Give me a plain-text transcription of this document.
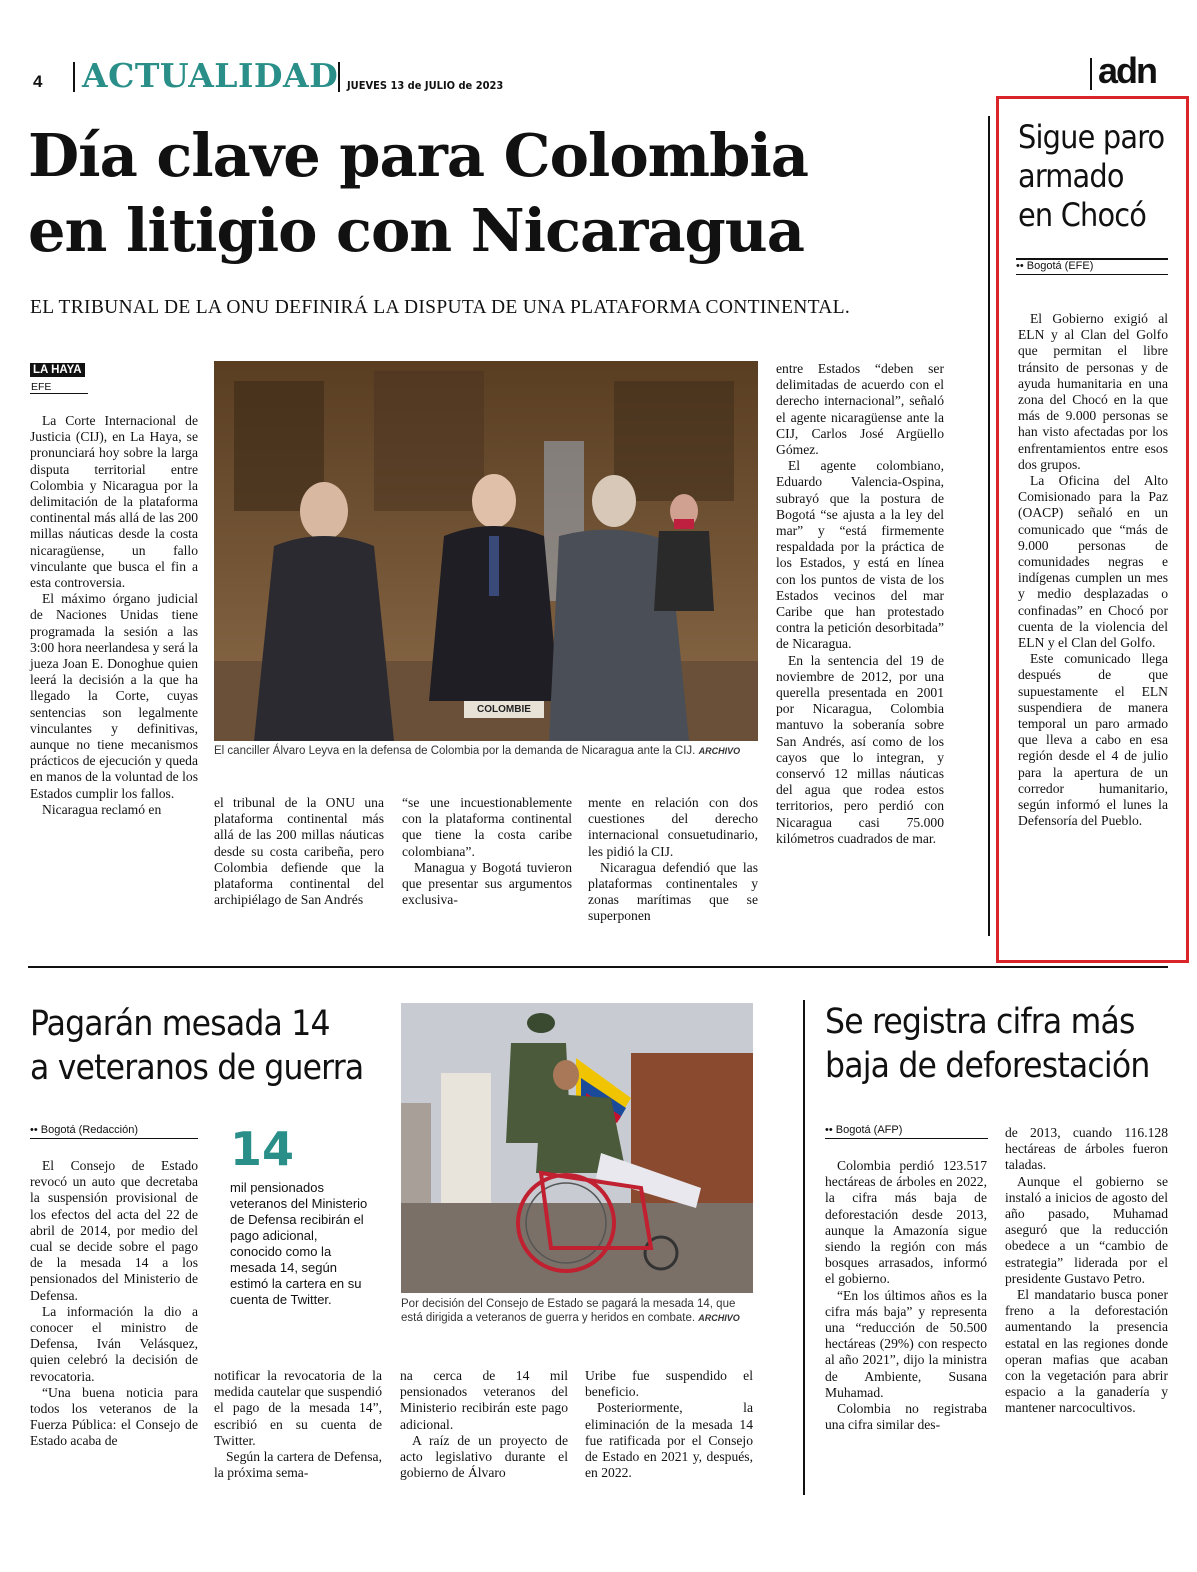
4 ACTUALIDAD JUEVES 13 de JULIO de 2023	adn
Día clave para Colombia
en litigio con Nicaragua
EL TRIBUNAL DE LA ONU DEFINIRÁ LA DISPUTA DE UNA PLATAFORMA CONTINENTAL.
LA HAYA
EFE

La Corte Internacional de Justicia (CIJ), en La Haya, se pronunciará hoy sobre la larga disputa territorial entre Colombia y Nicaragua por la delimitación de la plataforma continental más allá de las 200 millas náuticas desde la costa nicaragüense, un fallo vinculante que busca el fin a esta controversia.

El máximo órgano judicial de Naciones Unidas tiene programada la sesión a las 3:00 hora neerlandesa y será la jueza Joan E. Donoghue quien leerá la decisión a la que ha llegado la Corte, cuyas sentencias son legalmente vinculantes y definitivas, aunque no tiene mecanismos prácticos de ejecución y queda en manos de la voluntad de los Estados cumplir los fallos.

Nicaragua reclamó en

COLOMBIE
El canciller Álvaro Leyva en la defensa de Colombia por la demanda de Nicaragua ante la CIJ. ARCHIVO

el tribunal de la ONU una plataforma continental más allá de las 200 millas náuticas desde su costa caribeña, pero Colombia defiende que la plataforma continental del archipiélago de San Andrés

“se une incuestionablemente con la plataforma continental que tiene la costa caribe colombiana”.

Managua y Bogotá tuvieron que presentar sus argumentos exclusiva-

mente en relación con dos cuestiones del derecho internacional consuetudinario, les pidió la CIJ.

Nicaragua defendió que las plataformas continentales y zonas marítimas que se superponen

entre Estados “deben ser delimitadas de acuerdo con el derecho internacional”, señaló el agente nicaragüense ante la CIJ, Carlos José Argüello Gómez.

El agente colombiano, Eduardo Valencia-Ospina, subrayó que la postura de Bogotá “se ajusta a la ley del mar” y “está firmemente respaldada por la práctica de los Estados, y está en línea con los puntos de vista de los Estados vecinos del mar Caribe que han protestado contra la petición desorbitada” de Nicaragua.

En la sentencia del 19 de noviembre de 2012, por una querella presentada en 2001 por Nicaragua, Colombia mantuvo la soberanía sobre San Andrés, así como de los cayos que lo integran, y conservó 12 millas náuticas del agua que rodea estos territorios, pero perdió con Nicaragua casi 75.000 kilómetros cuadrados de mar.

Sigue paro
armado
en Chocó
•• Bogotá (EFE)

El Gobierno exigió al ELN y al Clan del Golfo que permitan el libre tránsito de personas y de ayuda humanitaria en una zona del Chocó en la que más de 9.000 personas se han visto afectadas por los enfrentamientos entre esos dos grupos.

La Oficina del Alto Comisionado para la Paz (OACP) señaló en un comunicado que “más de 9.000 personas de comunidades negras e indígenas cumplen un mes y medio desplazadas o confinadas” en Chocó por cuenta de la violencia del ELN y el Clan del Golfo.

Este comunicado llega después de que supuestamente el ELN suspendiera de manera temporal un paro armado que lleva a cabo en esa región desde el 4 de julio para la apertura de un corredor humanitario, según informó el lunes la Defensoría del Pueblo.

Pagarán mesada 14
a veteranos de guerra
•• Bogotá (Redacción)

El Consejo de Estado revocó un auto que decretaba la suspensión provisional de los efectos del acta del 22 de abril de 2014, por medio del cual se decide sobre el pago de la mesada 14 a los pensionados del Ministerio de Defensa.

La información la dio a conocer el ministro de Defensa, Iván Velásquez, quien celebró la decisión de revocatoria.

“Una buena noticia para todos los veteranos de la Fuerza Pública: el Consejo de Estado acaba de

14
mil pensionados veteranos del Ministerio de Defensa recibirán el pago adicional, conocido como la mesada 14, según estimó la cartera en su cuenta de Twitter.	Por decisión del Consejo de Estado se pagará la mesada 14, que está dirigida a veteranos de guerra y heridos en combate. ARCHIVO

notificar la revocatoria de la medida cautelar que suspendió el pago de la mesada 14”, escribió en su cuenta de Twitter.

Según la cartera de Defensa, la próxima sema-

na cerca de 14 mil pensionados veteranos del Ministerio recibirán este pago adicional.

A raíz de un proyecto de acto legislativo durante el gobierno de Álvaro

Uribe fue suspendido el beneficio.

Posteriormente, la eliminación de la mesada 14 fue ratificada por el Consejo de Estado en 2021 y, después, en 2022.

Se registra cifra más
baja de deforestación
•• Bogotá (AFP)

Colombia perdió 123.517 hectáreas de árboles en 2022, la cifra más baja de deforestación desde 2013, aunque la Amazonía sigue siendo la región con más bosques arrasados, informó el gobierno.

“En los últimos años es la cifra más baja” y representa una “reducción de 50.500 hectáreas (29%) con respecto al año 2021”, dijo la ministra de Ambiente, Susana Muhamad.

Colombia no registraba una cifra similar des-

de 2013, cuando 116.128 hectáreas de árboles fueron taladas.

Aunque el gobierno se instaló a inicios de agosto del año pasado, Muhamad aseguró que la reducción obedece a un “cambio de estrategia” liderada por el presidente Gustavo Petro.

El mandatario busca poner freno a la deforestación aumentando la presencia estatal en las regiones donde operan mafias que acaban con la vegetación para abrir espacio a la ganadería y mantener narcocultivos.
